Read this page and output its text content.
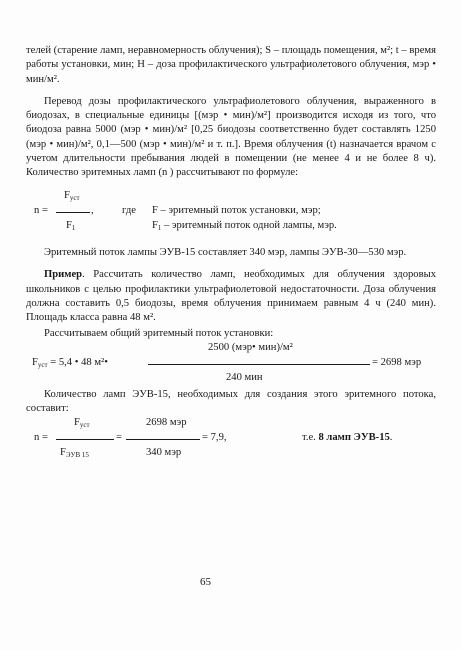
телей (старение ламп, неравномерность облучения); S – площадь помещения, м²; t – время работы установки, мин; Н – доза профилактического ультрафиолетового облучения, мэр • мин/м².

Перевод дозы профилактического ультрафиолетового облучения, выраженного в биодозах, в специальные единицы [(мэр • мин)/м²] производится исходя из того, что биодоза равна 5000 (мэр • мин)/м² [0,25 биодозы соответственно будет составлять 1250 (мэр • мин)/м², 0,1—500 (мэр • мин)/м² и т. п.]. Время облучения (t) назначается врачом с учетом длительности пребывания людей в помещении (не менее 4 и не более 8 ч). Количество эритемных ламп (n ) рассчитывают по формуле:

Fуст
n =	,
F1
где F – эритемный поток установки, мэр;
F1 – эритемный поток одной лампы, мэр.

Эритемный поток лампы ЭУВ-15 составляет 340 мэр, лампы ЭУВ-30—530 мэр.

Пример. Рассчитать количество ламп, необходимых для облучения здоровых школьников с целью профилактики ультрафиолетовой недостаточности. Доза облучения должна составить 0,5 биодозы, время облучения принимаем равным 4 ч (240 мин). Площадь класса равна 48 м².

Рассчитываем общий эритемный поток установки:

2500 (мэр• мин)/м²
Fуст = 5,4 • 48 м²•	= 2698 мэр
240 мин

Количество ламп ЭУВ-15, необходимых для создания этого эритемного потока, составит:

Fуст	2698 мэр
n =	=	= 7,9,	т.е. 8 ламп ЭУВ-15.
FЭУВ 15	340 мэр
65
